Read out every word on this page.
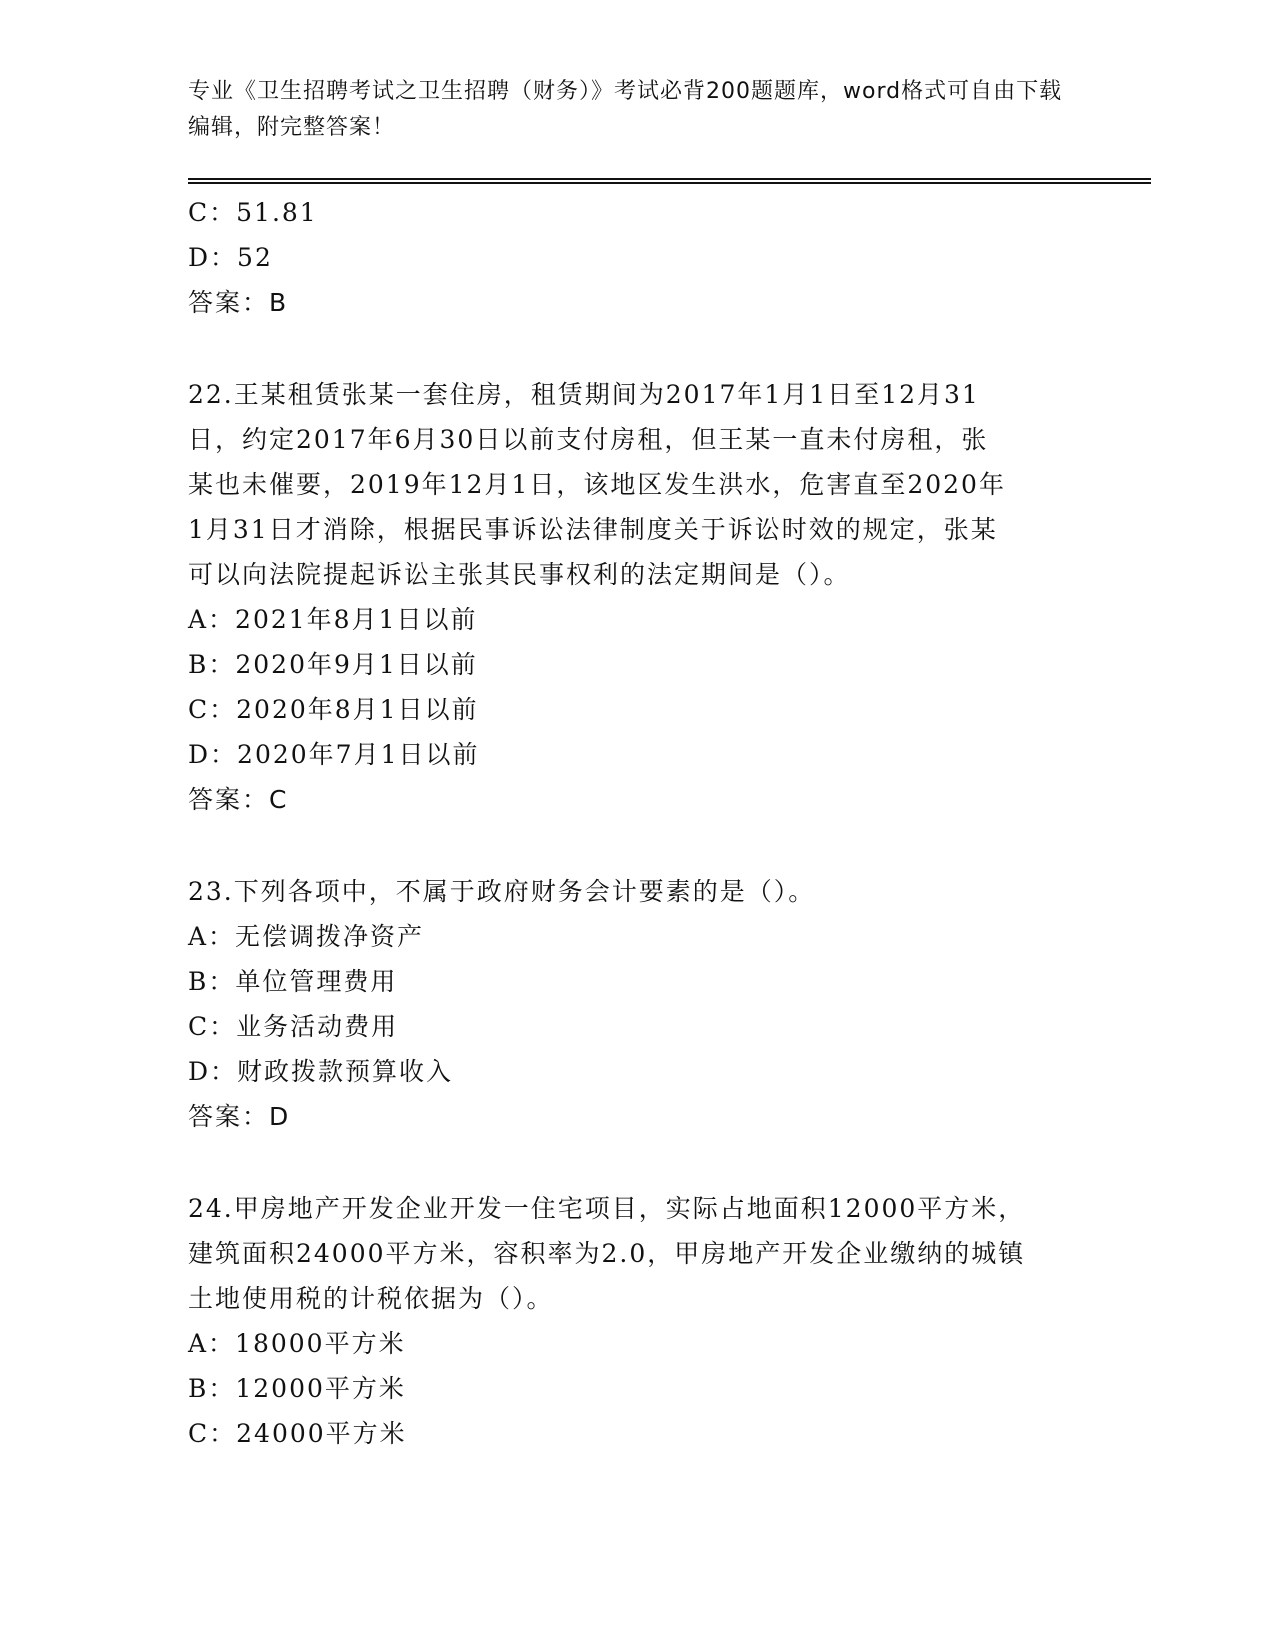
专业《卫生招聘考试之卫生招聘（财务）》考试必背200题题库，word格式可自由下载编辑，附完整答案！
C：51.81
D：52
答案：B
22.王某租赁张某一套住房，租赁期间为2017年1月1日至12月31
日，约定2017年6月30日以前支付房租，但王某一直未付房租，张
某也未催要，2019年12月1日，该地区发生洪水，危害直至2020年
1月31日才消除，根据民事诉讼法律制度关于诉讼时效的规定，张某
可以向法院提起诉讼主张其民事权利的法定期间是（）。
A：2021年8月1日以前
B：2020年9月1日以前
C：2020年8月1日以前
D：2020年7月1日以前
答案：C
23.下列各项中，不属于政府财务会计要素的是（）。
A：无偿调拨净资产
B：单位管理费用
C：业务活动费用
D：财政拨款预算收入
答案：D
24.甲房地产开发企业开发一住宅项目，实际占地面积12000平方米，
建筑面积24000平方米，容积率为2.0，甲房地产开发企业缴纳的城镇
土地使用税的计税依据为（）。
A：18000平方米
B：12000平方米
C：24000平方米
